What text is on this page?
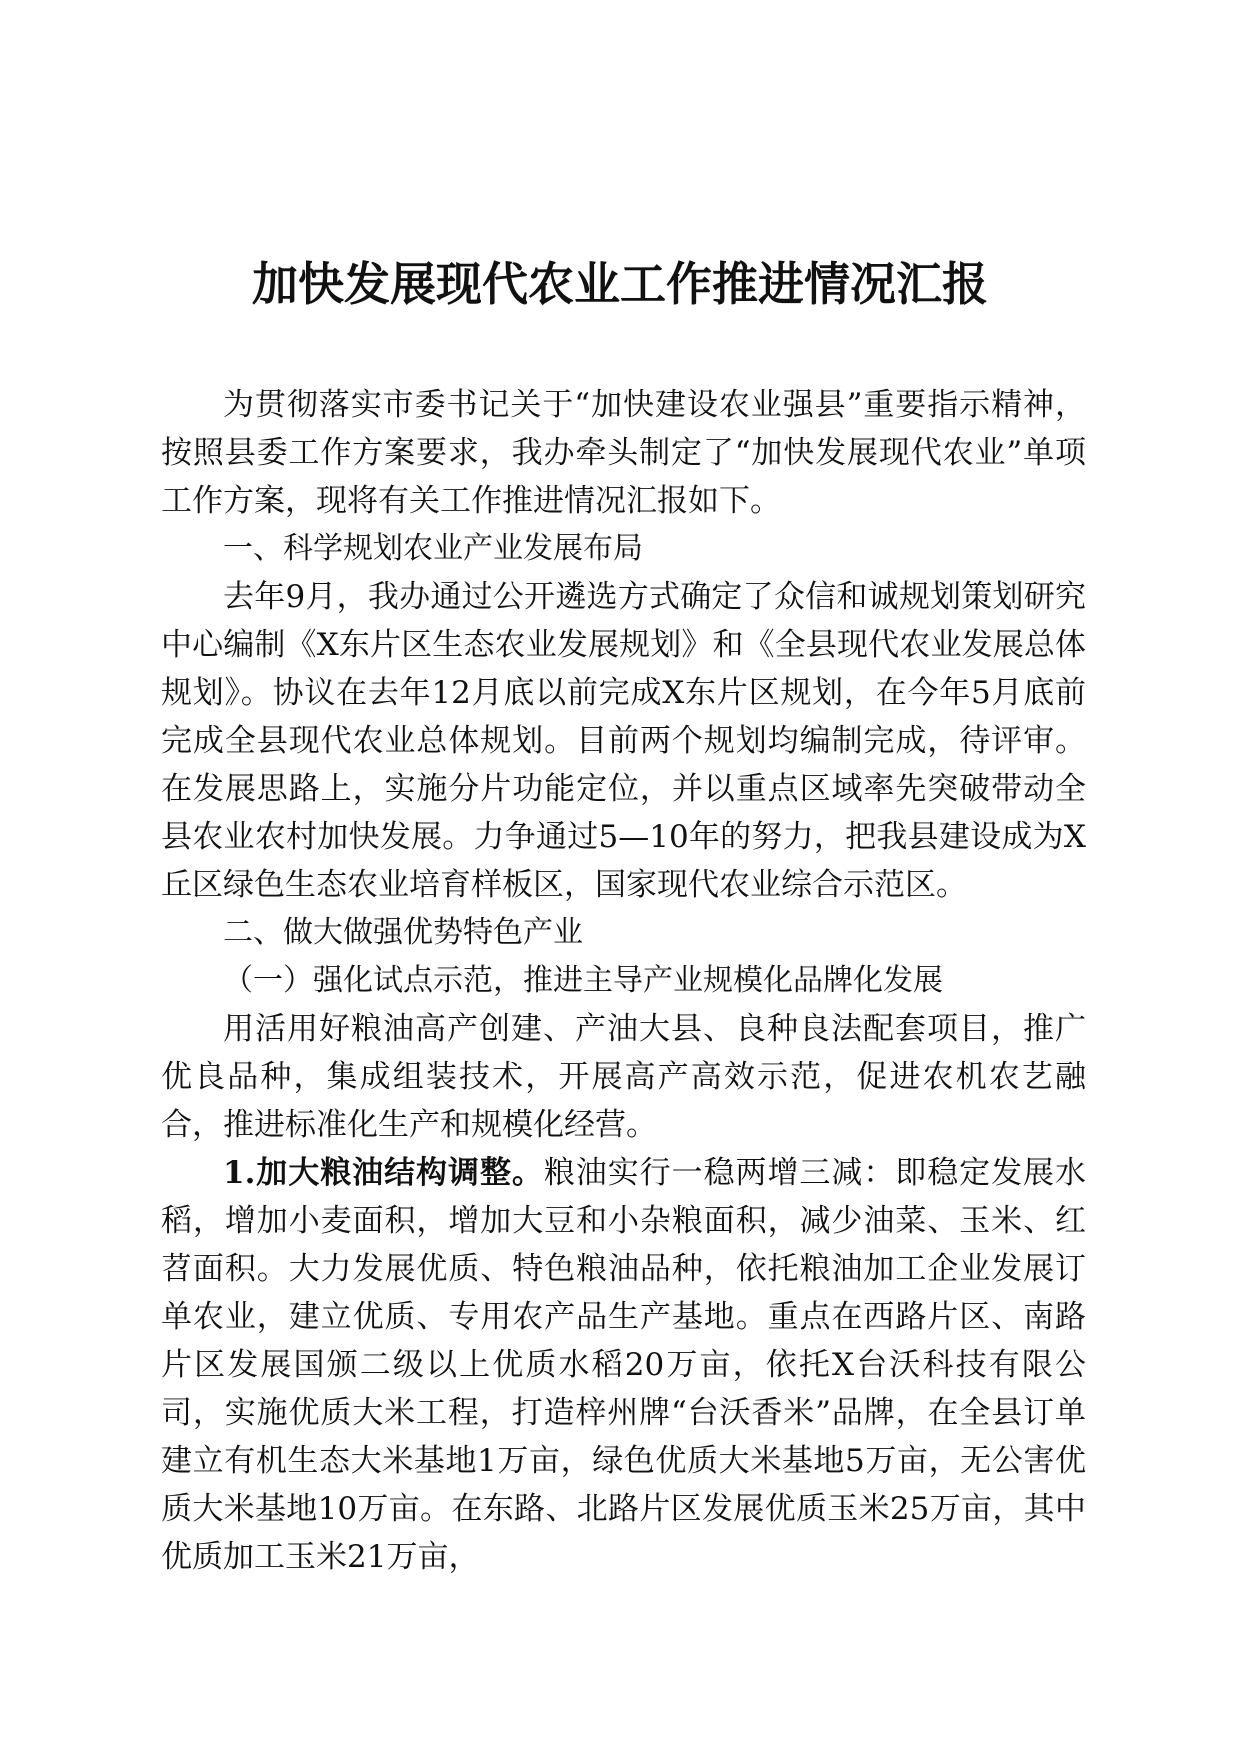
加快发展现代农业工作推进情况汇报

为贯彻落实市委书记关于“加快建设农业强县”重要指示精神，按照县委工作方案要求，我办牵头制定了“加快发展现代农业”单项工作方案，现将有关工作推进情况汇报如下。

一、科学规划农业产业发展布局

去年9月，我办通过公开遴选方式确定了众信和诚规划策划研究中心编制《X东片区生态农业发展规划》和《全县现代农业发展总体规划》。协议在去年12月底以前完成X东片区规划，在今年5月底前完成全县现代农业总体规划。目前两个规划均编制完成，待评审。在发展思路上，实施分片功能定位，并以重点区域率先突破带动全县农业农村加快发展。力争通过5—10年的努力，把我县建设成为X丘区绿色生态农业培育样板区，国家现代农业综合示范区。

二、做大做强优势特色产业

（一）强化试点示范，推进主导产业规模化品牌化发展

用活用好粮油高产创建、产油大县、良种良法配套项目，推广优良品种，集成组装技术，开展高产高效示范，促进农机农艺融合，推进标准化生产和规模化经营。

1.加大粮油结构调整。粮油实行一稳两增三减：即稳定发展水稻，增加小麦面积，增加大豆和小杂粮面积，减少油菜、玉米、红苕面积。大力发展优质、特色粮油品种，依托粮油加工企业发展订单农业，建立优质、专用农产品生产基地。重点在西路片区、南路片区发展国颁二级以上优质水稻20万亩，依托X台沃科技有限公司，实施优质大米工程，打造梓州牌“台沃香米”品牌，在全县订单建立有机生态大米基地1万亩，绿色优质大米基地5万亩，无公害优质大米基地10万亩。在东路、北路片区发展优质玉米25万亩，其中优质加工玉米21万亩，
